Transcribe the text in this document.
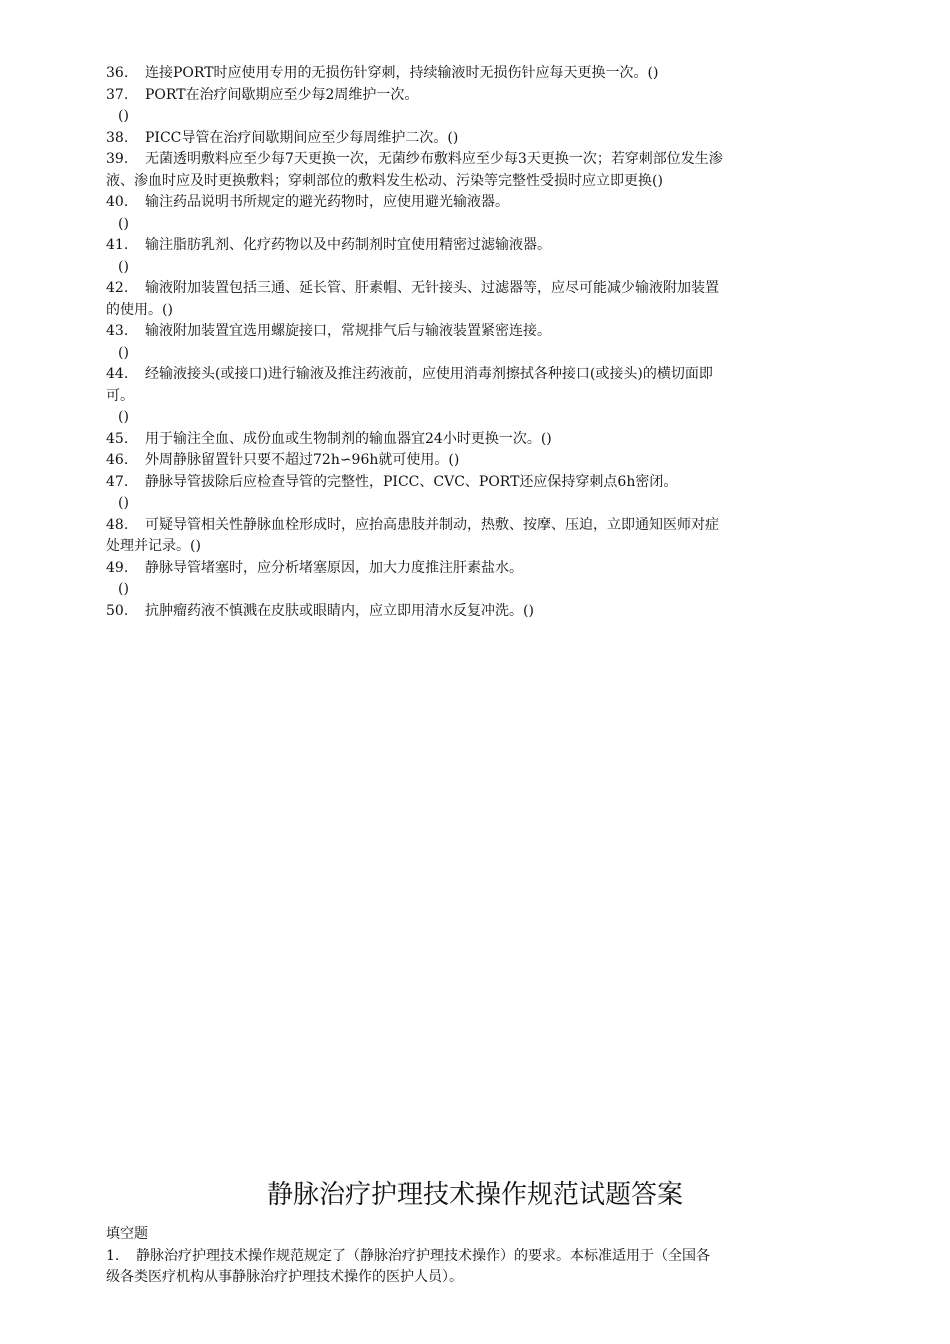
36. 连接PORT时应使用专用的无损伤针穿刺，持续输液时无损伤针应每天更换一次。()
37. PORT在治疗间歇期应至少每2周维护一次。
()
38. PICC导管在治疗间歇期间应至少每周维护二次。()
39. 无菌透明敷料应至少每7天更换一次，无菌纱布敷料应至少每3天更换一次；若穿刺部位发生渗
液、渗血时应及时更换敷料；穿刺部位的敷料发生松动、污染等完整性受损时应立即更换()
40. 输注药品说明书所规定的避光药物时，应使用避光输液器。
()
41. 输注脂肪乳剂、化疗药物以及中药制剂时宜使用精密过滤输液器。
()
42. 输液附加装置包括三通、延长管、肝素帽、无针接头、过滤器等，应尽可能减少输液附加装置
的使用。()
43. 输液附加装置宜选用螺旋接口，常规排气后与输液装置紧密连接。
()
44. 经输液接头(或接口)进行输液及推注药液前，应使用消毒剂擦拭各种接口(或接头)的横切面即
可。
()
45. 用于输注全血、成份血或生物制剂的输血器宜24小时更换一次。()
46. 外周静脉留置针只要不超过72h∽96h就可使用。()
47. 静脉导管拔除后应检查导管的完整性，PICC、CVC、PORT还应保持穿刺点6h密闭。
()
48. 可疑导管相关性静脉血栓形成时，应抬高患肢并制动，热敷、按摩、压迫，立即通知医师对症
处理并记录。()
49. 静脉导管堵塞时，应分析堵塞原因，加大力度推注肝素盐水。
()
50. 抗肿瘤药液不慎溅在皮肤或眼睛内，应立即用清水反复冲洗。()
静脉治疗护理技术操作规范试题答案
填空题
1. 静脉治疗护理技术操作规范规定了（静脉治疗护理技术操作）的要求。本标准适用于（全国各
级各类医疗机构从事静脉治疗护理技术操作的医护人员）。
